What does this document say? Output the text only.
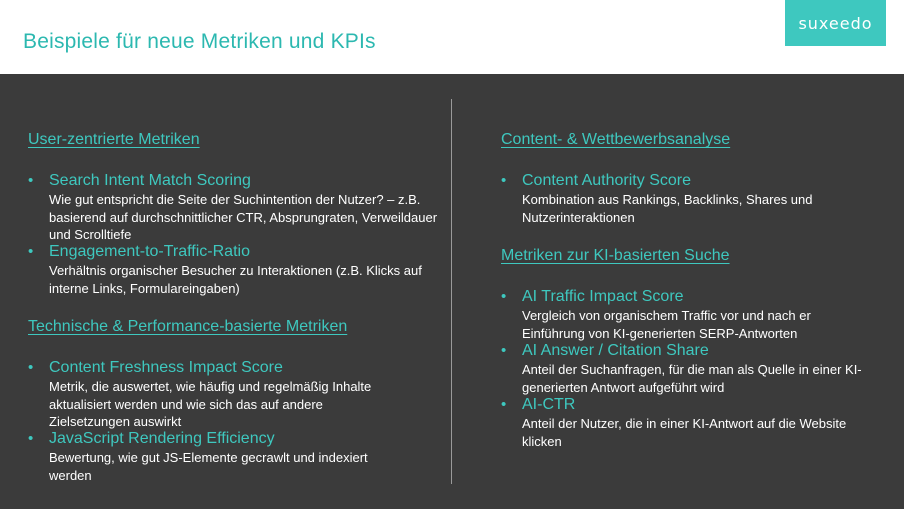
Beispiele für neue Metriken und KPIs
suxeedo
User-zentrierte Metriken
• Search Intent Match Scoring
Wie gut entspricht die Seite der Suchintention der Nutzer? – z.B. basierend auf durchschnittlicher CTR, Absprungraten, Verweildauer und Scrolltiefe
• Engagement-to-Traffic-Ratio
Verhältnis organischer Besucher zu Interaktionen (z.B. Klicks auf interne Links, Formulareingaben)
Technische & Performance-basierte Metriken
• Content Freshness Impact Score
Metrik, die auswertet, wie häufig und regelmäßig Inhalte aktualisiert werden und wie sich das auf andere Zielsetzungen auswirkt
• JavaScript Rendering Efficiency
Bewertung, wie gut JS-Elemente gecrawlt und indexiert werden
Content- & Wettbewerbsanalyse
• Content Authority Score
Kombination aus Rankings, Backlinks, Shares und Nutzerinteraktionen
Metriken zur KI-basierten Suche
• AI Traffic Impact Score
Vergleich von organischem Traffic vor und nach er Einführung von KI-generierten SERP-Antworten
• AI Answer / Citation Share
Anteil der Suchanfragen, für die man als Quelle in einer KI-generierten Antwort aufgeführt wird
• AI-CTR
Anteil der Nutzer, die in einer KI-Antwort auf die Website klicken
